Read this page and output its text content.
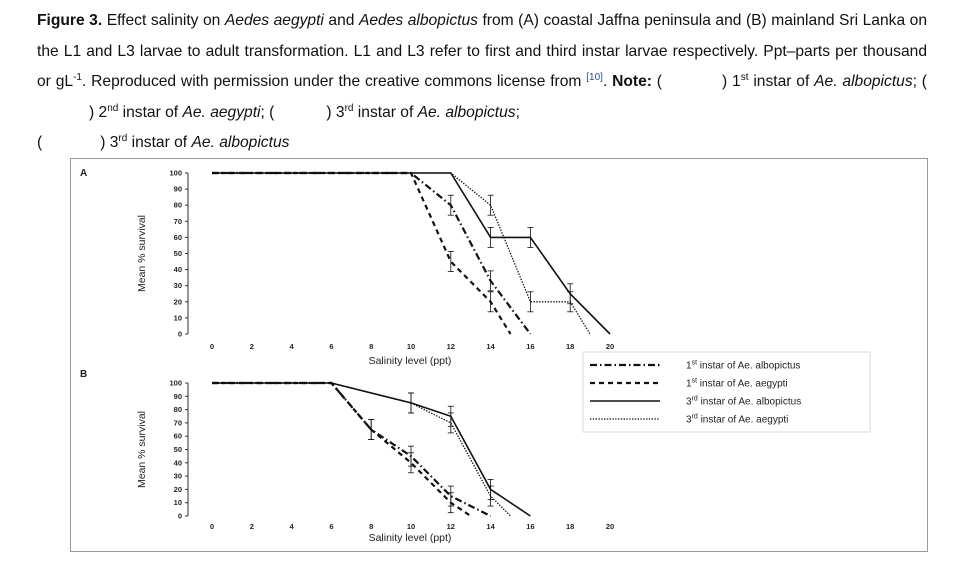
Figure 3. Effect salinity on Aedes aegypti and Aedes albopictus from (A) coastal Jaffna peninsula and (B) mainland Sri Lanka on the L1 and L3 larvae to adult transformation. L1 and L3 refer to first and third instar larvae respectively. Ppt–parts per thousand or $gL^{-1}$. Reproduced with permission under the creative commons license from [10]. Note: (	) 1st instar of Ae. albopictus; () 2nd instar of Ae. aegypti; (	) 3rd instar of Ae. albopictus;
(	) 3rd instar of Ae. albopictus
A
0
10
20
30
40
50
60
70
80
90
100
0	2	4	6	8	10	12	14	16	18	20
Salinity level (ppt)
Mean % survival
B
0
10
20
30
40
50
60
70
80
90
100
0	2	4	6	8	10	12	14	16	18	20
Salinity level (ppt)
Mean % survival
1st instar of Ae. albopictus
1st instar of Ae. aegypti
3rd instar of Ae. albopictus
3rd instar of Ae. aegypti
